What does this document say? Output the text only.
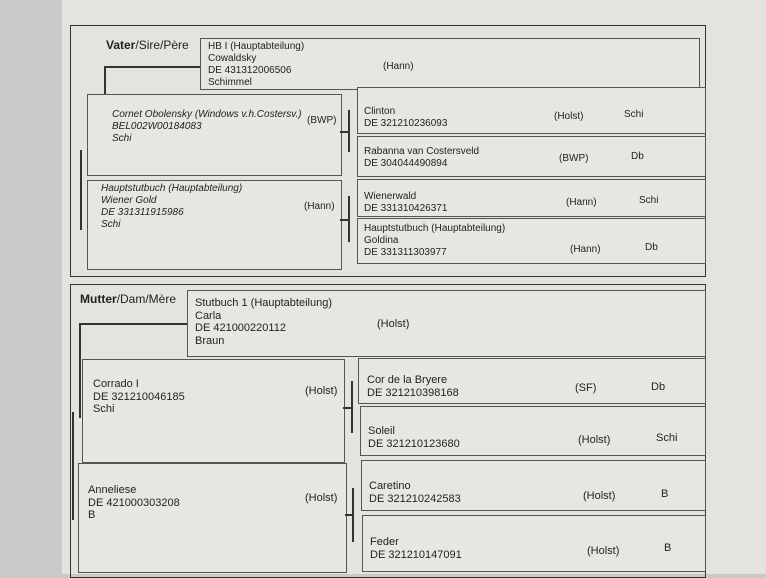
Vater/Sire/Père HB I (Hauptabteilung)
Cowaldsky
DE 431312006506
Schimmel
(Hann)
Cornet Obolensky (Windows v.h.Costersv.)
BEL002W00184083
Schi
(BWP)
Hauptstutbuch (Hauptabteilung)
Wiener Gold
DE 331311915986
Schi
(Hann)
Clinton
DE 321210236093
(Holst)	Schi
Rabanna van Costersveld
DE 304044490894	(BWP)	Db
Wienerwald
DE 331310426371
(Hann)	Schi
Hauptstutbuch (Hauptabteilung)
Goldina
DE 331311303977	(Hann)	Db
Mutter/Dam/Mère Stutbuch 1 (Hauptabteilung)
Carla
DE 421000220112
Braun
(Holst)
Corrado I
DE 321210046185
Schi
(Holst)
Anneliese
DE 421000303208
B
(Holst)
Cor de la Bryere
DE 321210398168	(SF)	Db
Soleil
DE 321210123680	(Holst)	Schi
Caretino
DE 321210242583	(Holst)	B
Feder
DE 321210147091	(Holst)	B
